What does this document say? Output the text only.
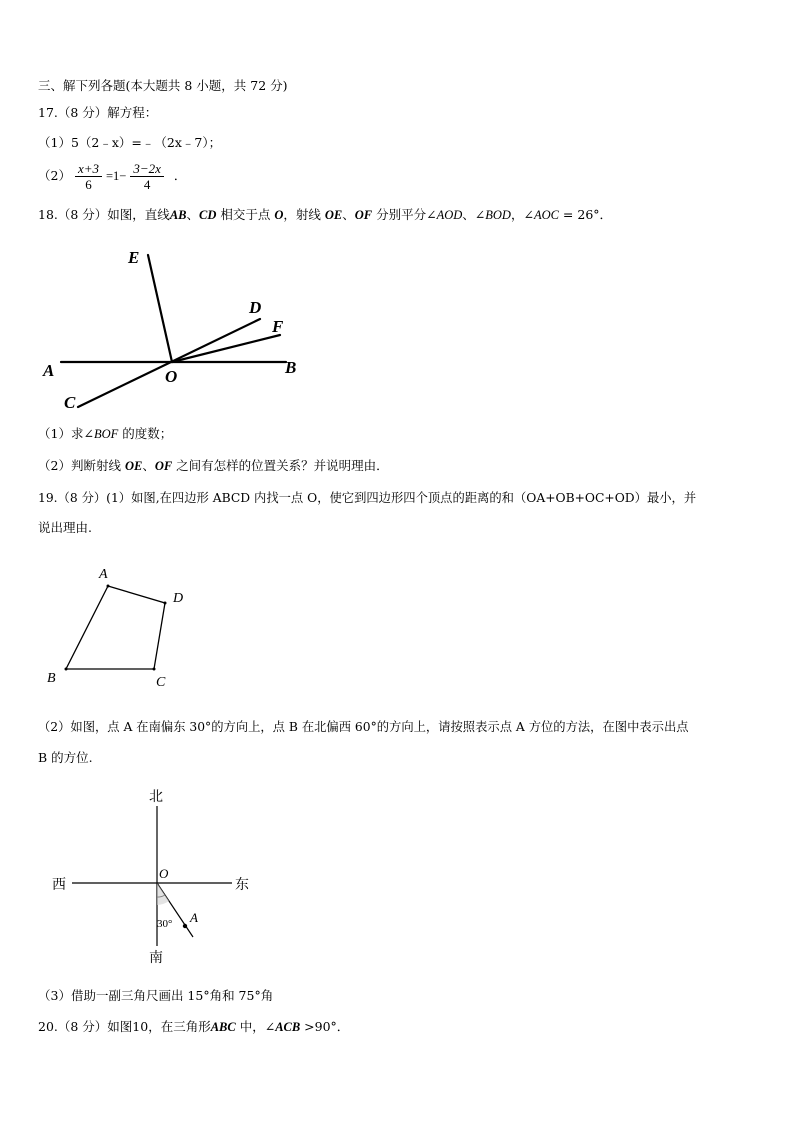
三、解下列各题(本大题共 8 小题，共 72 分)
17.（8 分）解方程：
（1）5（2﹣x）=﹣（2x﹣7）；
$(2) \frac{x+3}{6} =1- \frac{3-2x}{4}$ ．
18.（8 分）如图，直线AB、CD 相交于点 O，射线 OE、OF 分别平分∠AOD、∠BOD，∠AOC = 26°．
E
D
F
A	O	B
C
（1）求∠BOF 的度数；
（2）判断射线 OE、OF 之间有怎样的位置关系？并说明理由．
19.（8 分）(1）如图,在四边形 ABCD 内找一点 O，使它到四边形四个顶点的距离的和（OA+OB+OC+OD）最小，并
说出理由.
A
D
C
B
（2）如图，点 A 在南偏东 30°的方向上，点 B 在北偏西 60°的方向上，请按照表示点 A 方位的方法，在图中表示出点
B 的方位.
北
南
西	东
O
A
30°
（3）借助一副三角尺画出 15°角和 75°角
20.（8 分）如图10，在三角形ABC 中，∠ACB >90°．
